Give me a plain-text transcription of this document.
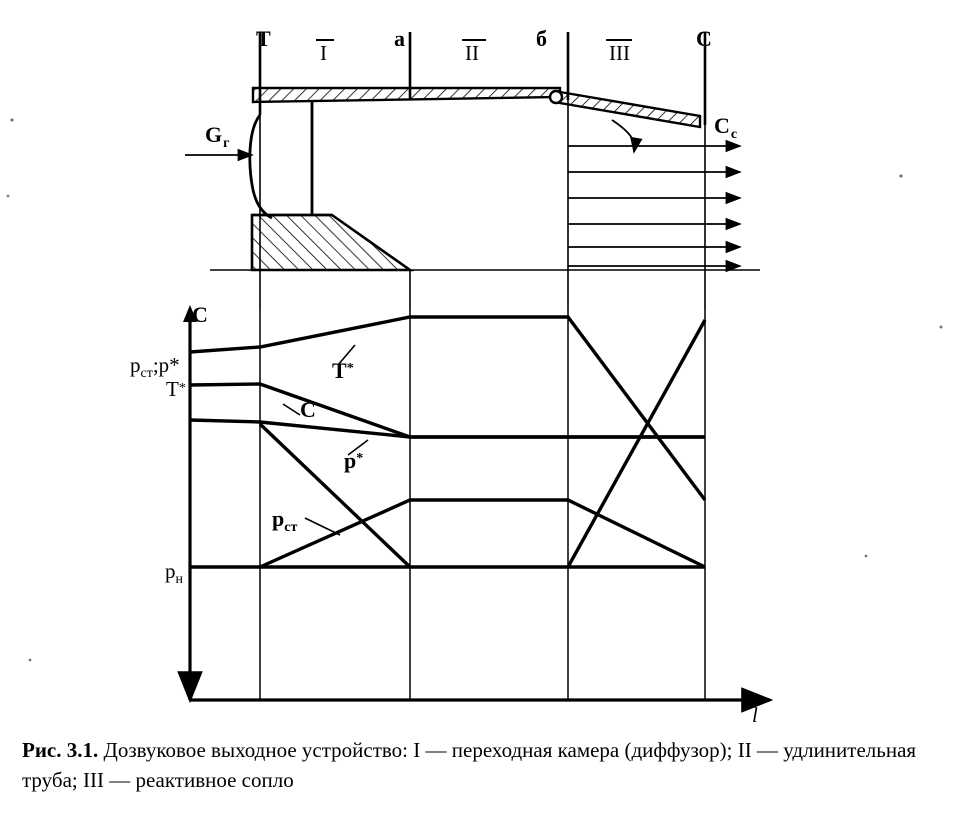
Т	а	б	С
I	II	III
$G_г$
$C_с$
C
$p_{ст};p*$
T*
$p_н$
T*
С
p*
$p_{ст}$
l
Рис. 3.1. Дозвуковое выходное устройство: I — переходная камера (диффузор); II — удлинительная труба; III — реактивное сопло
